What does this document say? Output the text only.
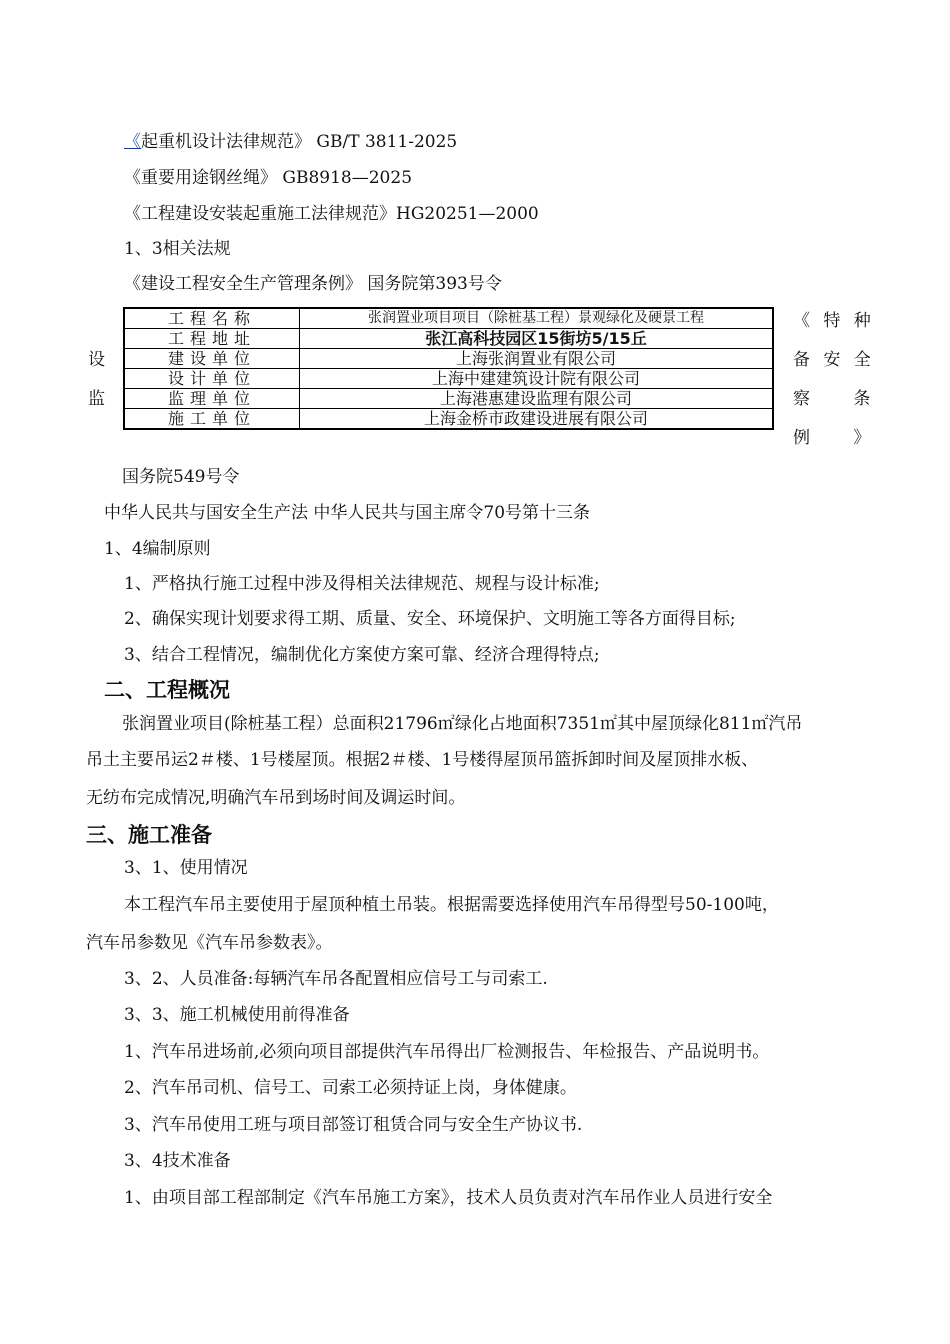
《起重机设计法律规范》 GB/T 3811-2025
《重要用途钢丝绳》 GB8918—2025
《工程建设安装起重施工法律规范》HG20251—2000
1、3相关法规
《建设工程安全生产管理条例》 国务院第393号令
设
监
工程名称	张润置业项目项目（除桩基工程）景观绿化及硬景工程
工程地址	张江高科技园区15街坊5/15丘
建设单位	上海张润置业有限公司
设计单位	上海中建建筑设计院有限公司
监理单位	上海港惠建设监理有限公司
施工单位	上海金桥市政建设进展有限公司
《 特 种
备 安 全
察 条
例 》
国务院549号令
中华人民共与国安全生产法 中华人民共与国主席令70号第十三条
1、4编制原则
1、严格执行施工过程中涉及得相关法律规范、规程与设计标准;
2、确保实现计划要求得工期、质量、安全、环境保护、文明施工等各方面得目标;
3、结合工程情况，编制优化方案使方案可靠、经济合理得特点;
二、工程概况
张润置业项目(除桩基工程）总面积21796㎡绿化占地面积7351㎡其中屋顶绿化811㎡汽吊
吊土主要吊运2＃楼、1号楼屋顶。根据2＃楼、1号楼得屋顶吊篮拆卸时间及屋顶排水板、
无纺布完成情况,明确汽车吊到场时间及调运时间。
三、施工准备
3、1、使用情况
本工程汽车吊主要使用于屋顶种植土吊装。根据需要选择使用汽车吊得型号50-100吨，
汽车吊参数见《汽车吊参数表》。
3、2、人员准备:每辆汽车吊各配置相应信号工与司索工.
3、3、施工机械使用前得准备
1、汽车吊进场前,必须向项目部提供汽车吊得出厂检测报告、年检报告、产品说明书。
2、汽车吊司机、信号工、司索工必须持证上岗，身体健康。
3、汽车吊使用工班与项目部签订租赁合同与安全生产协议书.
3、4技术准备
1、由项目部工程部制定《汽车吊施工方案》，技术人员负责对汽车吊作业人员进行安全
